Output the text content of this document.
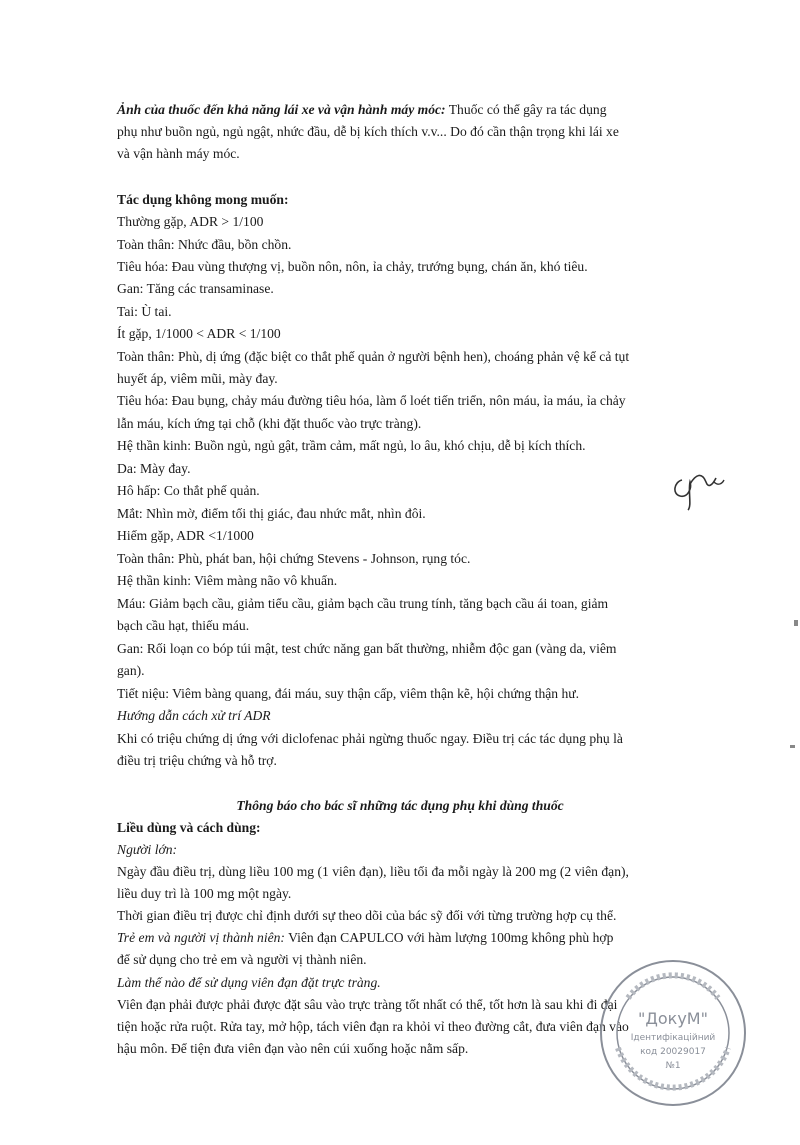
Ảnh của thuốc đến khả năng lái xe và vận hành máy móc: Thuốc có thể gây ra tác dụng
phụ như buồn ngủ, ngủ ngật, nhức đầu, dễ bị kích thích v.v... Do đó cần thận trọng khi lái xe
và vận hành máy móc.
Tác dụng không mong muốn:
Thường gặp, ADR > 1/100
Toàn thân: Nhức đầu, bồn chồn.
Tiêu hóa: Đau vùng thượng vị, buồn nôn, nôn, ỉa chảy, trướng bụng, chán ăn, khó tiêu.
Gan: Tăng các transaminase.
Tai: Ù tai.
Ít gặp, 1/1000 < ADR < 1/100
Toàn thân: Phù, dị ứng (đặc biệt co thắt phế quản ở người bệnh hen), choáng phản vệ kể cả tụt
huyết áp, viêm mũi, mày đay.
Tiêu hóa: Đau bụng, chảy máu đường tiêu hóa, làm ổ loét tiến triển, nôn máu, ỉa máu, ỉa chảy
lẫn máu, kích ứng tại chỗ (khi đặt thuốc vào trực tràng).
Hệ thần kinh: Buồn ngủ, ngủ gật, trầm cảm, mất ngủ, lo âu, khó chịu, dễ bị kích thích.
Da: Mày đay.
Hô hấp: Co thắt phế quản.
Mắt: Nhìn mờ, điểm tối thị giác, đau nhức mắt, nhìn đôi.
Hiếm gặp, ADR <1/1000
Toàn thân: Phù, phát ban, hội chứng Stevens - Johnson, rụng tóc.
Hệ thần kinh: Viêm màng não vô khuẩn.
Máu: Giảm bạch cầu, giảm tiểu cầu, giảm bạch cầu trung tính, tăng bạch cầu ái toan, giảm
bạch cầu hạt, thiếu máu.
Gan: Rối loạn co bóp túi mật, test chức năng gan bất thường, nhiễm độc gan (vàng da, viêm
gan).
Tiết niệu: Viêm bàng quang, đái máu, suy thận cấp, viêm thận kẽ, hội chứng thận hư.
Hướng dẫn cách xử trí ADR
Khi có triệu chứng dị ứng với diclofenac phải ngừng thuốc ngay. Điều trị các tác dụng phụ là
điều trị triệu chứng và hỗ trợ.
Thông báo cho bác sĩ những tác dụng phụ khi dùng thuốc
Liều dùng và cách dùng:
Người lớn:
Ngày đầu điều trị, dùng liều 100 mg (1 viên đạn), liều tối đa mỗi ngày là 200 mg (2 viên đạn),
liều duy trì là 100 mg một ngày.
Thời gian điều trị được chỉ định dưới sự theo dõi của bác sỹ đối với từng trường hợp cụ thể.
Trẻ em và người vị thành niên: Viên đạn CAPULCO với hàm lượng 100mg không phù hợp
để sử dụng cho trẻ em và người vị thành niên.
Làm thế nào để sử dụng viên đạn đặt trực tràng.
Viên đạn phải được phải được đặt sâu vào trực tràng tốt nhất có thể, tốt hơn là sau khi đi đại
tiện hoặc rửa ruột. Rửa tay, mở hộp, tách viên đạn ra khỏi vỉ theo đường cắt, đưa viên đạn vào
hậu môn. Để tiện đưa viên đạn vào nên cúi xuống hoặc nằm sấp.
"ДокуМ"
Ідентифікаційний
код 20029017
№1
